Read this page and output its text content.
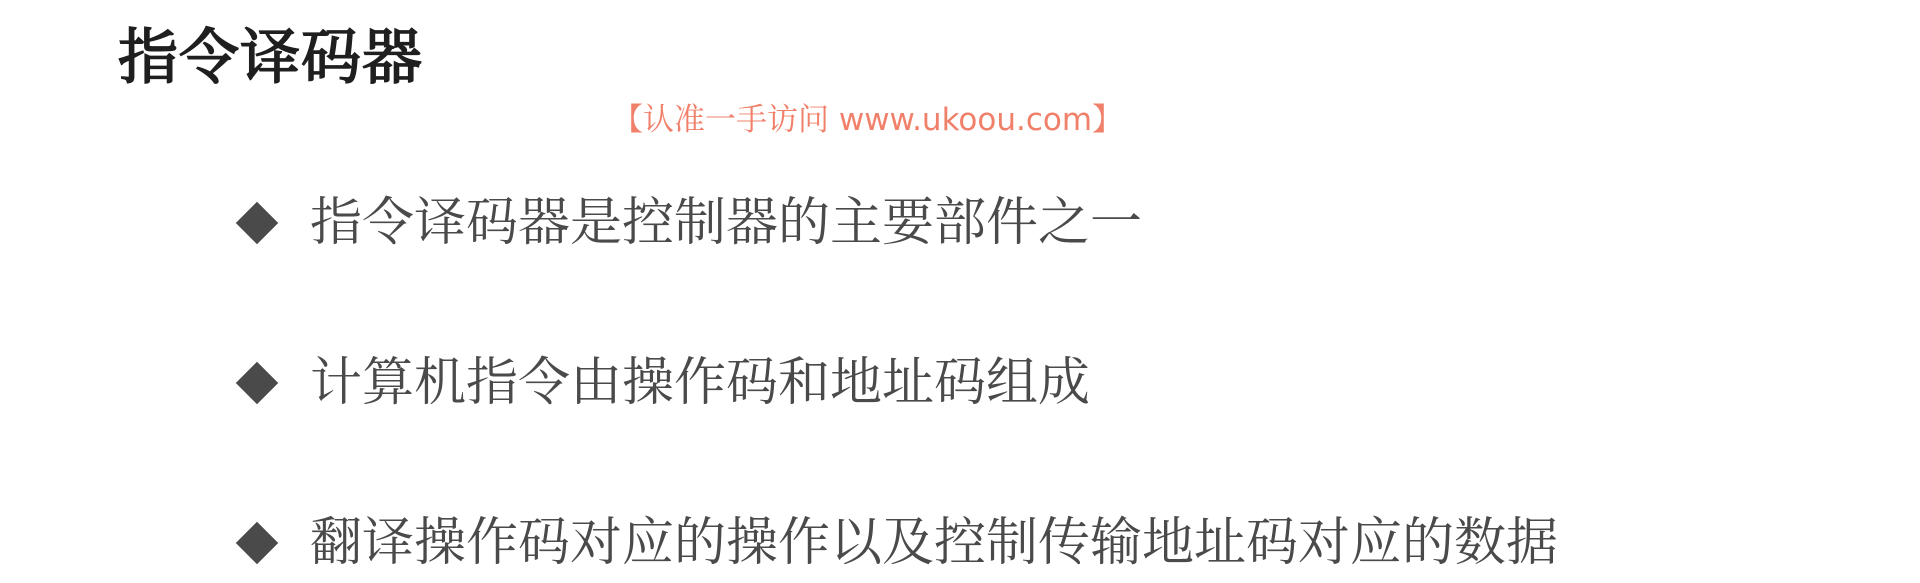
指令译码器
【认准一手访问 www.ukoou.com】
指令译码器是控制器的主要部件之一
计算机指令由操作码和地址码组成
翻译操作码对应的操作以及控制传输地址码对应的数据
